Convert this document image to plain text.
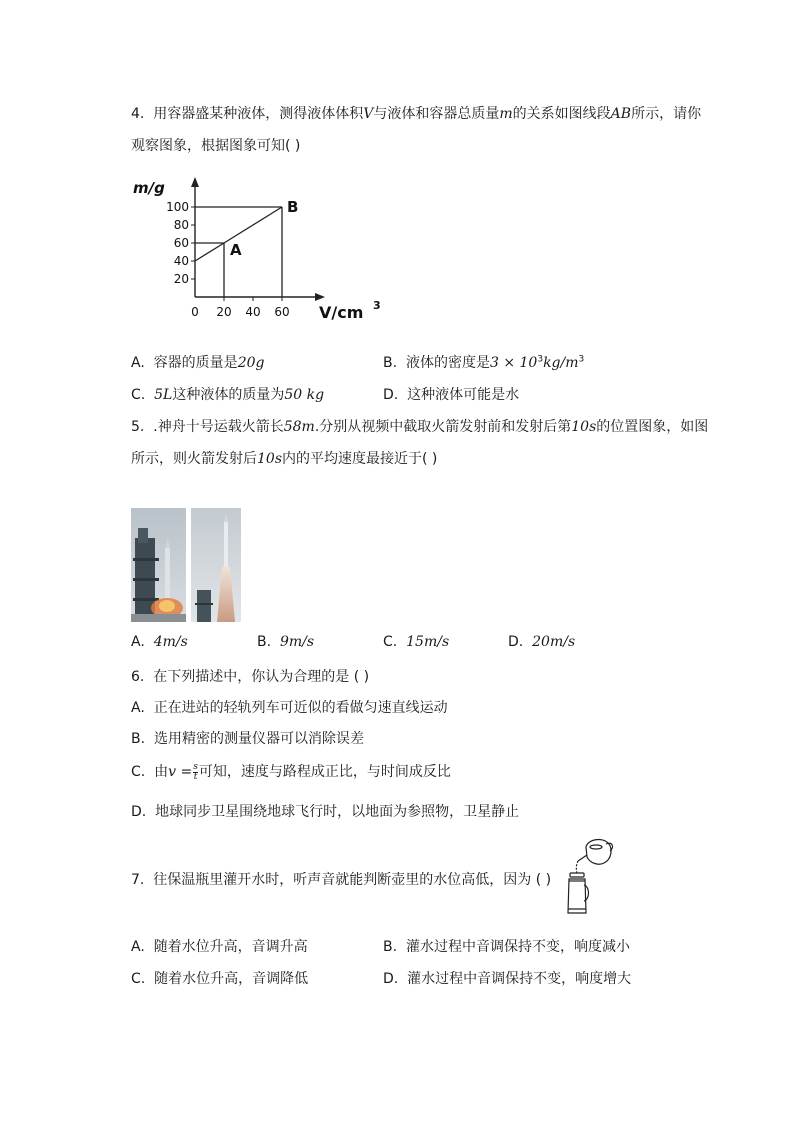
4. 用容器盛某种液体，测得液体体积V与液体和容器总质量m的关系如图线段AB所示，请你
观察图象，根据图象可知( )
20
40
60
80
100
0 20 40 60
A
B
m/g
V/cm 3
A. 容器的质量是20g	B. 液体的密度是$3 \times 10^3kg/m^3$
C. 5L这种液体的质量为50 kg	D. 这种液体可能是水
5. .神舟十号运载火箭长58m.分别从视频中截取火箭发射前和发射后第10s的位置图象，如图
所示，则火箭发射后10s内的平均速度最接近于( )
A. 4m/s	B. 9m/s	C. 15m/s	D. 20m/s
6. 在下列描述中，你认为合理的是 ( )
A. 正在进站的轻轨列车可近似的看做匀速直线运动
B. 选用精密的测量仪器可以消除误差
C. 由$v = \frac{s}{t}$ 可知，速度与路程成正比，与时间成反比
D. 地球同步卫星围绕地球飞行时，以地面为参照物，卫星静止
7. 往保温瓶里灌开水时，听声音就能判断壶里的水位高低，因为 ( )
A. 随着水位升高，音调升高	B. 灌水过程中音调保持不变，响度减小
C. 随着水位升高，音调降低	D. 灌水过程中音调保持不变，响度增大
